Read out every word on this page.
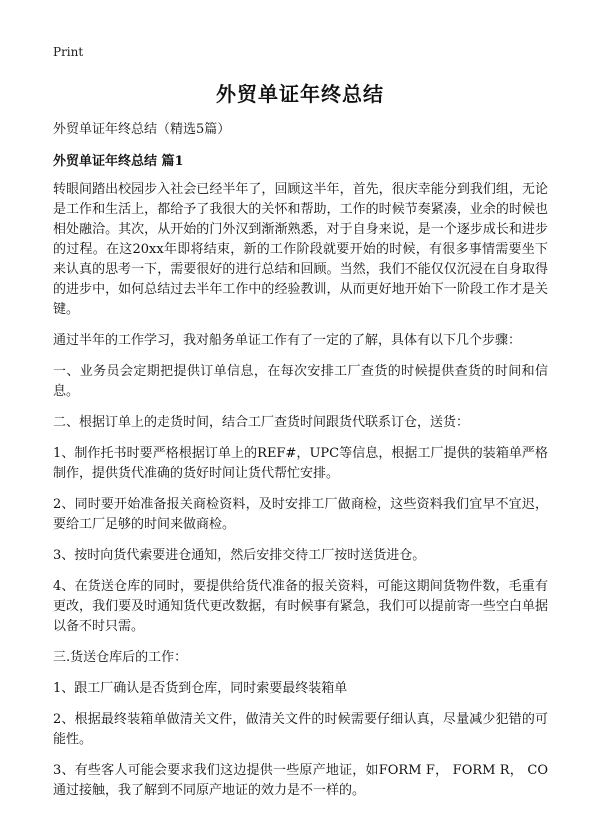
Print
外贸单证年终总结

外贸单证年终总结（精选5篇）

外贸单证年终总结 篇1

转眼间踏出校园步入社会已经半年了，回顾这半年，首先，很庆幸能分到我们组，无论是工作和生活上，都给予了我很大的关怀和帮助，工作的时候节奏紧凑，业余的时候也相处融洽。其次，从开始的门外汉到渐渐熟悉，对于自身来说，是一个逐步成长和进步的过程。在这20xx年即将结束，新的工作阶段就要开始的时候，有很多事情需要坐下来认真的思考一下，需要很好的进行总结和回顾。当然，我们不能仅仅沉浸在自身取得的进步中，如何总结过去半年工作中的经验教训，从而更好地开始下一阶段工作才是关键。

通过半年的工作学习，我对船务单证工作有了一定的了解，具体有以下几个步骤：

一、业务员会定期把提供订单信息，在每次安排工厂查货的时候提供查货的时间和信息。

二、根据订单上的走货时间，结合工厂查货时间跟货代联系订仓，送货：

1、制作托书时要严格根据订单上的REF#，UPC等信息，根据工厂提供的装箱单严格制作，提供货代准确的货好时间让货代帮忙安排。

2、同时要开始准备报关商检资料，及时安排工厂做商检，这些资料我们宜早不宜迟，要给工厂足够的时间来做商检。

3、按时向货代索要进仓通知，然后安排交待工厂按时送货进仓。

4、在货送仓库的同时，要提供给货代准备的报关资料，可能这期间货物件数，毛重有更改，我们要及时通知货代更改数据，有时候事有紧急，我们可以提前寄一些空白单据以备不时只需。

三.货送仓库后的工作：

1、跟工厂确认是否货到仓库，同时索要最终装箱单

2、根据最终装箱单做清关文件，做清关文件的时候需要仔细认真，尽量减少犯错的可能性。

3、有些客人可能会要求我们这边提供一些原产地证，如FORM F， FORM R， CO通过接触，我了解到不同原产地证的效力是不一样的。
